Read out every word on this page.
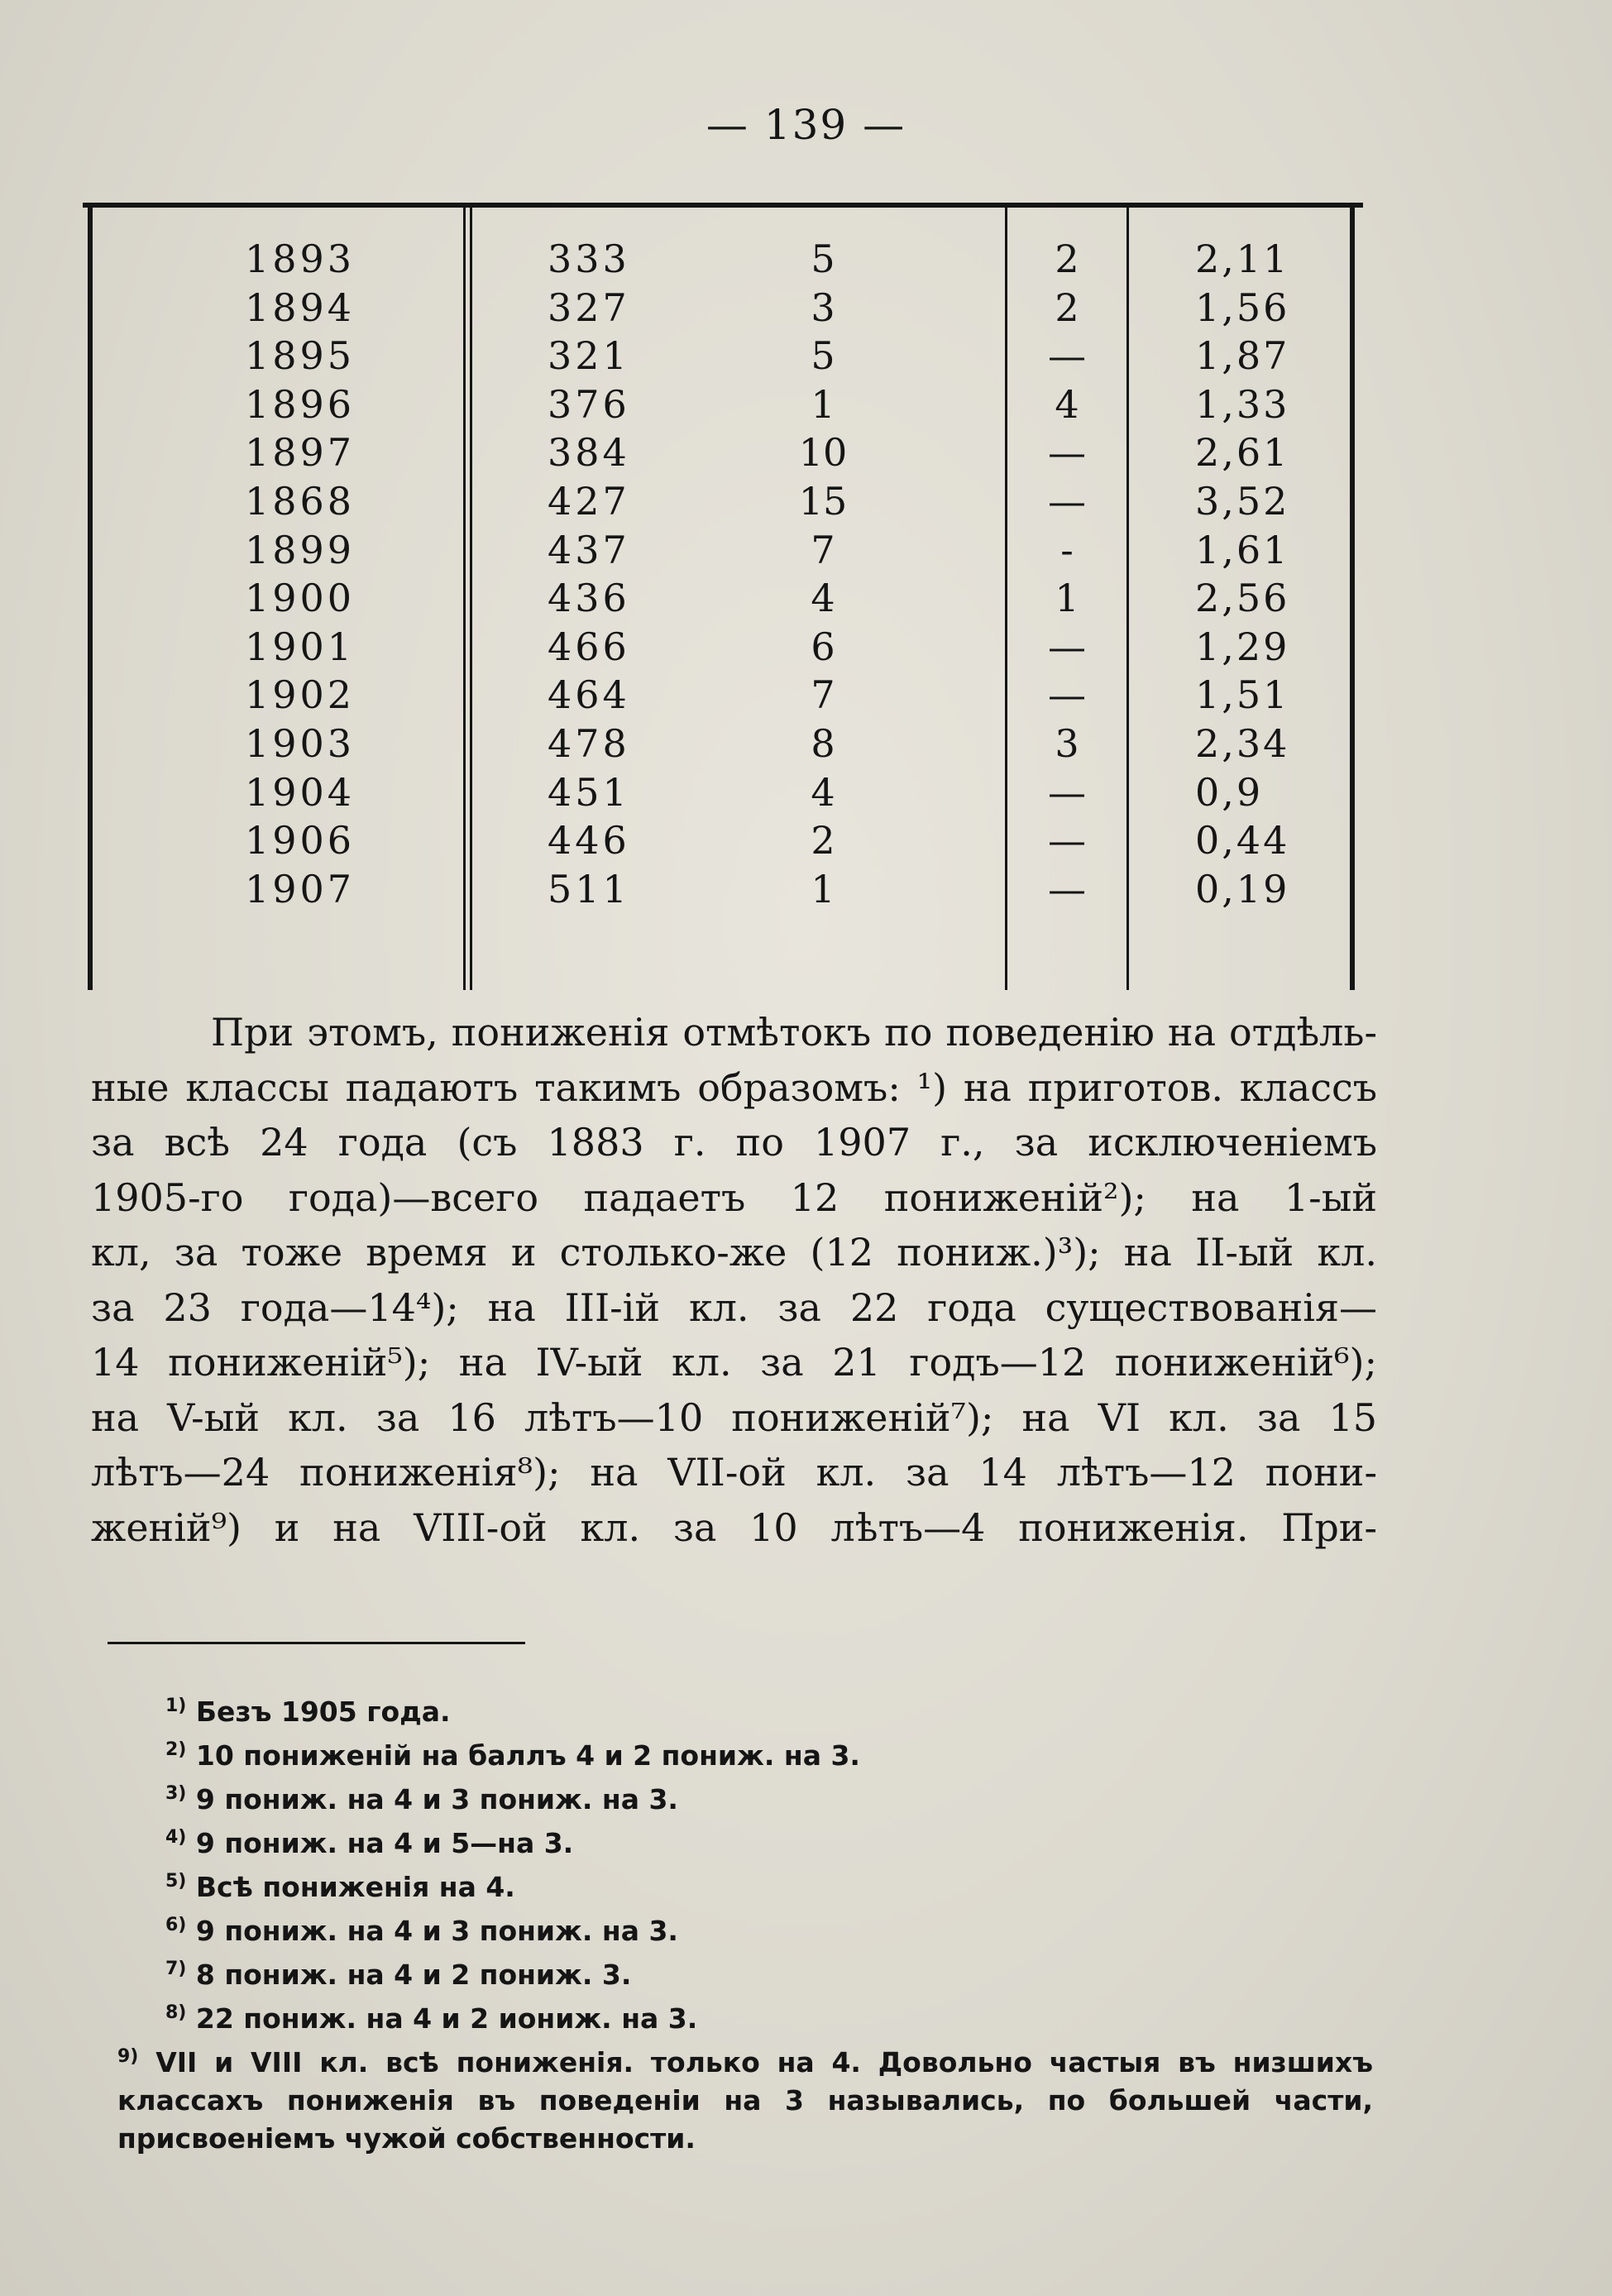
— 139 —
1893	333	5	2	2,11
1894	327	3	2	1,56
1895	321	5	—	1,87
1896	376	1	4	1,33
1897	384	10	—	2,61
1868	427	15	—	3,52
1899	437	7	-	1,61
1900	436	4	1	2,56
1901	466	6	—	1,29
1902	464	7	—	1,51
1903	478	8	3	2,34
1904	451	4	—	0,9
1906	446	2	—	0,44
1907	511	1	—	0,19
При этомъ, пониженія отмѣтокъ по поведенію на отдѣль-
ные классы падаютъ такимъ образомъ: ¹) на приготов. классъ
за всѣ 24 года (съ 1883 г. по 1907 г., за исключеніемъ
1905-го года)—всего падаетъ 12 пониженій²); на 1-ый
кл, за тоже время и столько-же (12 пониж.)³); на II-ый кл.
за 23 года—14⁴); на III-ій кл. за 22 года существованія—
14 пониженій⁵); на IV-ый кл. за 21 годъ—12 пониженій⁶);
на V-ый кл. за 16 лѣтъ—10 пониженій⁷); на VI кл. за 15
лѣтъ—24 пониженія⁸); на VII-ой кл. за 14 лѣтъ—12 пони-
женій⁹) и на VIII-ой кл. за 10 лѣтъ—4 пониженія. При-
$^{1)}$ Безъ 1905 года.
$^{2)}$ 10 пониженій на баллъ 4 и 2 пониж. на 3.
$^{3)}$ 9 пониж. на 4 и 3 пониж. на 3.
$^{4)}$ 9 пониж. на 4 и 5—на 3.
$^{5)}$ Всѣ пониженія на 4.
$^{6)}$ 9 пониж. на 4 и 3 пониж. на 3.
$^{7)}$ 8 пониж. на 4 и 2 пониж. 3.
$^{8)}$ 22 пониж. на 4 и 2 иониж. на 3.
$^{9)}$ VII и VIII кл. всѣ пониженія. только на 4. Довольно частыя въ низшихъ классахъ пониженія въ поведеніи на 3 назывались, по большей части, присвоеніемъ чужой собственности.
